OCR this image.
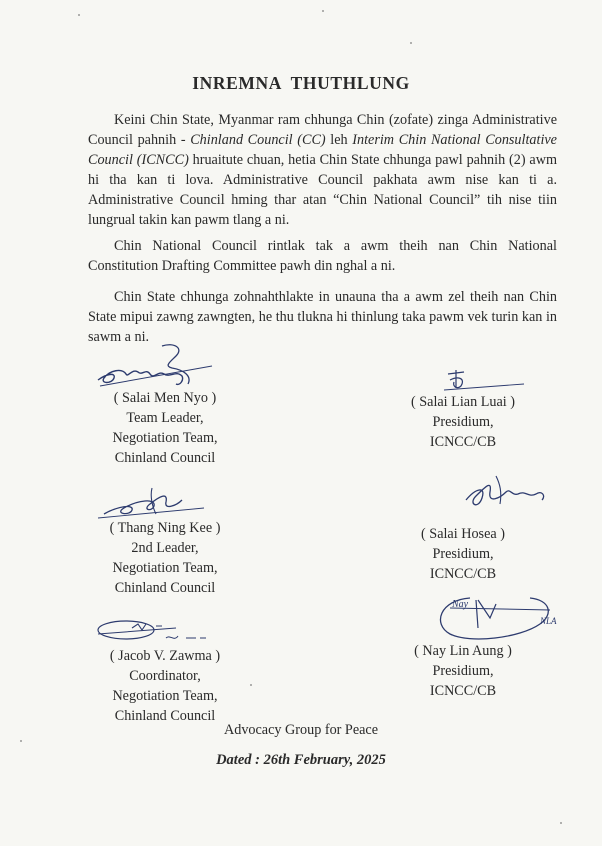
INREMNA THUTHLUNG
Keini Chin State, Myanmar ram chhunga Chin (zofate) zinga Administrative Council pahnih - Chinland Council (CC) leh Interim Chin National Consultative Council (ICNCC) hruaitute chuan, hetia Chin State chhunga pawl pahnih (2) awm hi tha kan ti lova. Administrative Council pakhata awm nise kan ti a. Administrative Council hming thar atan “Chin National Council” tih nise tiin lungrual takin kan pawm tlang a ni.
Chin National Council rintlak tak a awm theih nan Chin National Constitution Drafting Committee pawh din nghal a ni.
Chin State chhunga zohnahthlakte in unauna tha a awm zel theih nan Chin State mipui zawng zawngten, he thu tlukna hi thinlung taka pawm vek turin kan in sawm a ni.
Nay
NLA
( Salai Men Nyo )
Team Leader,
Negotiation Team,
Chinland Council
( Thang Ning Kee )
2nd Leader,
Negotiation Team,
Chinland Council
( Jacob V. Zawma )
Coordinator,
Negotiation Team,
Chinland Council
( Salai Lian Luai )
Presidium,
ICNCC/CB
( Salai Hosea )
Presidium,
ICNCC/CB
( Nay Lin Aung )
Presidium,
ICNCC/CB
Advocacy Group for Peace
Dated : 26th February, 2025
